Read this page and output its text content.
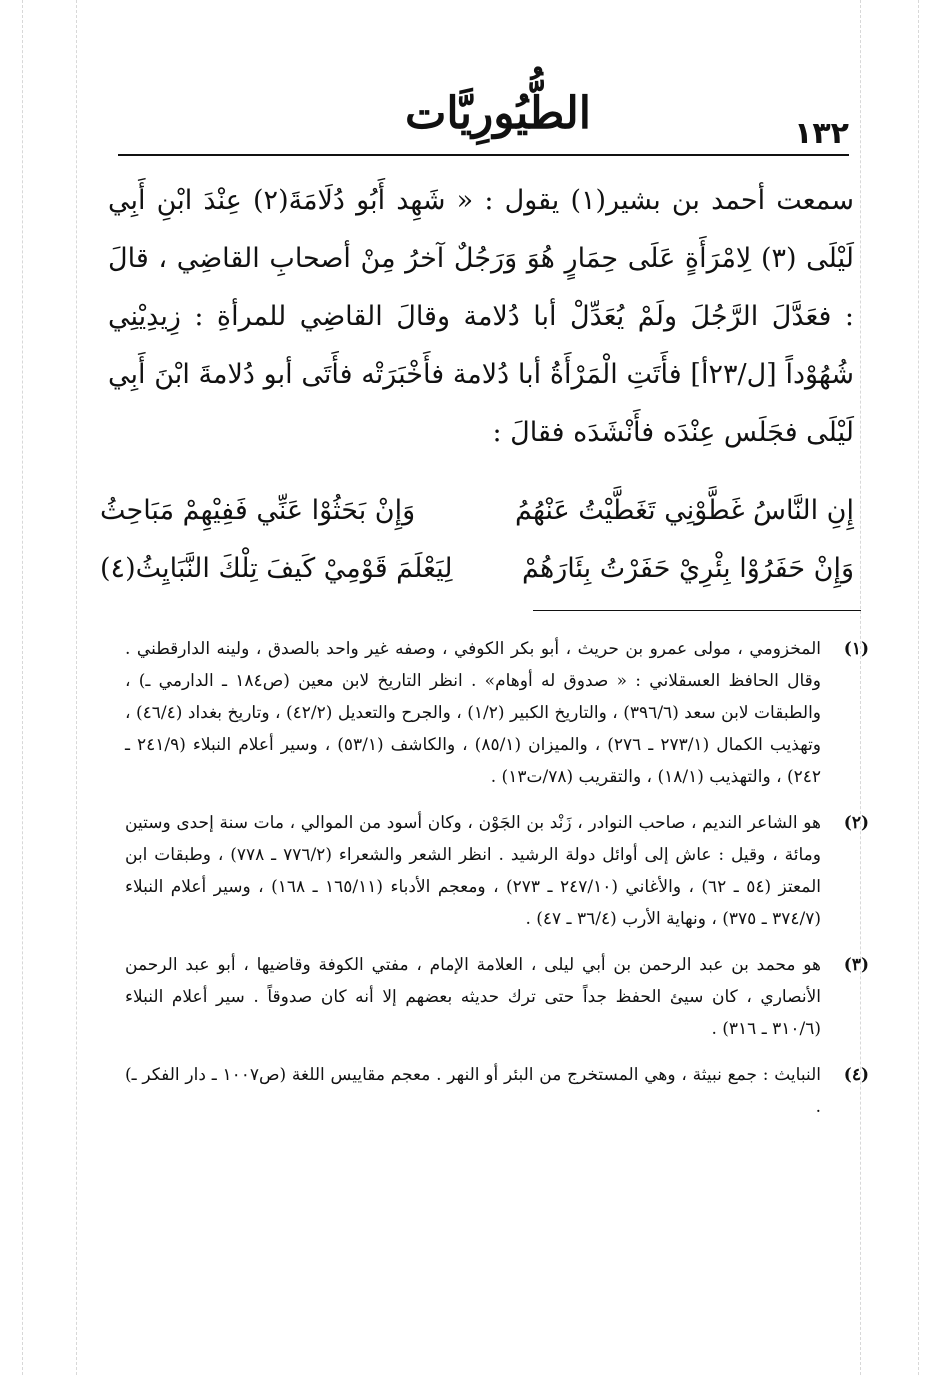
١٣٢
الطُّيُورِيَّات

سمعت أحمد بن بشير(١) يقول : « شَهِد أَبُو دُلَامَةَ(٢) عِنْدَ ابْنِ أَبِي لَيْلَى (٣) لِامْرَأَةٍ عَلَى حِمَارٍ هُوَ وَرَجُلٌ آخرُ مِنْ أصحابِ القاضِي ، قالَ : فعَدَّلَ الرَّجُلَ ولَمْ يُعَدِّلْ أبا دُلامة وقالَ القاضِي للمرأةِ : زِيدِيْنِي شُهُوْداً [ل/٢٣أ] فأَتَتِ الْمَرْأَةُ أبا دُلامة فأَخْبَرَتْه فأَتَى أبو دُلامةَ ابْنَ أَبِي لَيْلَى فجَلَس عِنْدَه فأَنْشَدَه فقالَ :

إِنِ النَّاسُ غَطَّوْنِي تَغَطَّيْتُ عَنْهُمُ
وَإِنْ بَحَثُوْا عَنِّي فَفِيْهِمْ مَبَاحِثُ
وَإِنْ حَفَرُوْا بِئْرِيْ حَفَرْتُ بِئَارَهُمْ
لِيَعْلَمَ قَوْمِيْ كَيفَ تِلْكَ النَّبَايِثُ(٤)
(١)
المخزومي ، مولى عمرو بن حريث ، أبو بكر الكوفي ، وصفه غير واحد بالصدق ، ولينه الدارقطني . وقال الحافظ العسقلاني : « صدوق له أوهام» . انظر التاريخ لابن معين (ص١٨٤ ـ الدارمي ـ) ، والطبقات لابن سعد (٣٩٦/٦) ، والتاريخ الكبير (١/٢) ، والجرح والتعديل (٤٢/٢) ، وتاريخ بغداد (٤٦/٤) ، وتهذيب الكمال (٢٧٣/١ ـ ٢٧٦) ، والميزان (٨٥/١) ، والكاشف (٥٣/١) ، وسير أعلام النبلاء (٢٤١/٩ ـ ٢٤٢) ، والتهذيب (١٨/١) ، والتقريب (٧٨/ت١٣) .
(٢)
هو الشاعر النديم ، صاحب النوادر ، زَنْد بن الجَوْن ، وكان أسود من الموالي ، مات سنة إحدى وستين ومائة ، وقيل : عاش إلى أوائل دولة الرشيد . انظر الشعر والشعراء (٧٧٦/٢ ـ ٧٧٨) ، وطبقات ابن المعتز (٥٤ ـ ٦٢) ، والأغاني (٢٤٧/١٠ ـ ٢٧٣) ، ومعجم الأدباء (١٦٥/١١ ـ ١٦٨) ، وسير أعلام النبلاء (٣٧٤/٧ ـ ٣٧٥) ، ونهاية الأرب (٣٦/٤ ـ ٤٧) .
(٣)
هو محمد بن عبد الرحمن بن أبي ليلى ، العلامة الإمام ، مفتي الكوفة وقاضيها ، أبو عبد الرحمن الأنصاري ، كان سيئ الحفظ جداً حتى ترك حديثه بعضهم إلا أنه كان صدوقاً . سير أعلام النبلاء (٣١٠/٦ ـ ٣١٦) .
(٤)
النبايث : جمع نبيثة ، وهي المستخرج من البئر أو النهر . معجم مقاييس اللغة (ص١٠٠٧ ـ دار الفكر ـ) .
